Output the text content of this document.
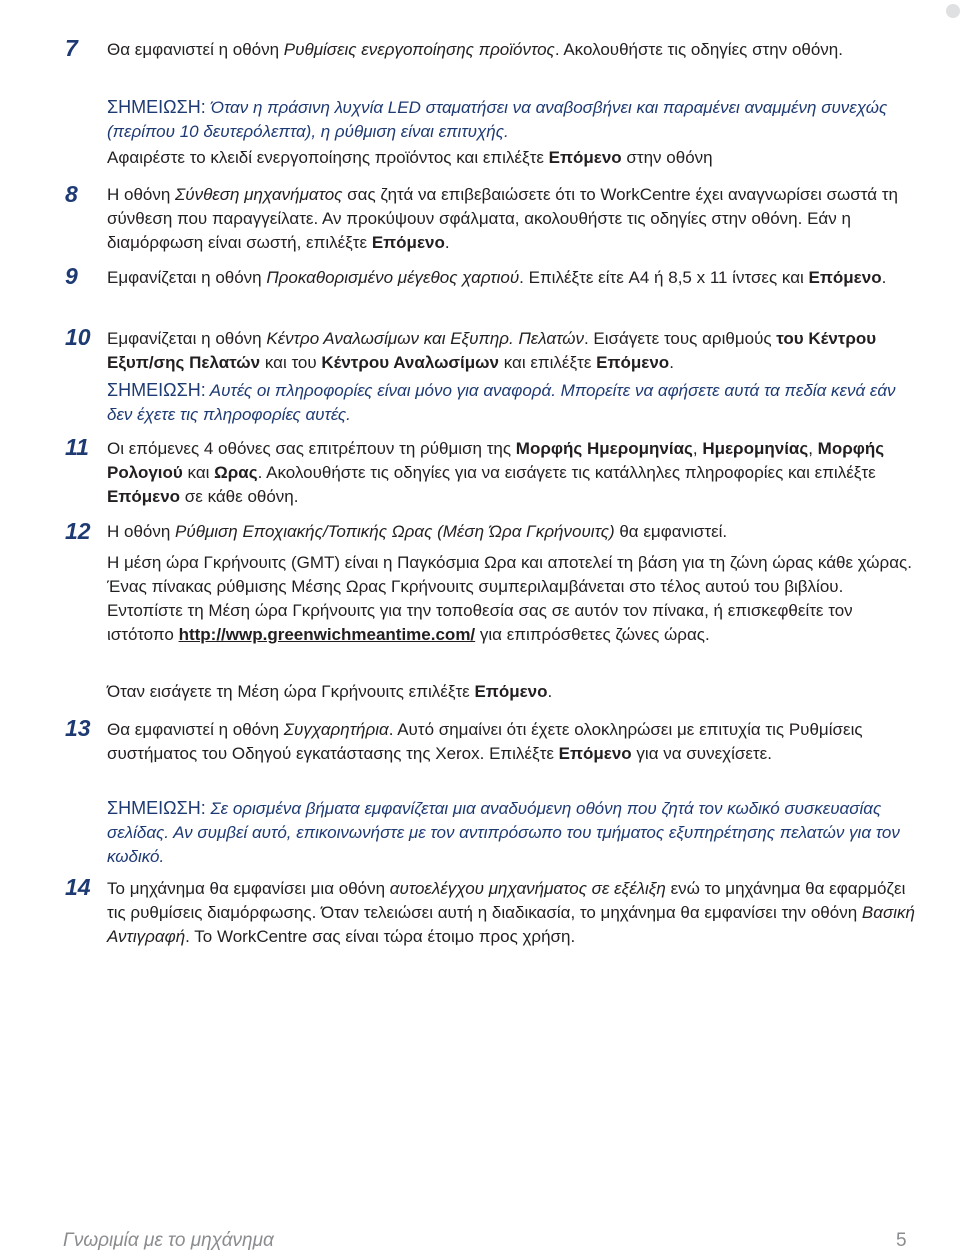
7 Θα εμφανιστεί η οθόνη Ρυθμίσεις ενεργοποίησης προϊόντος. Ακολουθήστε τις οδηγίες στην οθόνη.
ΣΗΜΕΙΩΣΗ: Όταν η πράσινη λυχνία LED σταματήσει να αναβοσβήνει και παραμένει αναμμένη συνεχώς (περίπου 10 δευτερόλεπτα), η ρύθμιση είναι επιτυχής.
Αφαιρέστε το κλειδί ενεργοποίησης προϊόντος και επιλέξτε Επόμενο στην οθόνη
8 Η οθόνη Σύνθεση μηχανήματος σας ζητά να επιβεβαιώσετε ότι το WorkCentre έχει αναγνωρίσει σωστά τη σύνθεση που παραγγείλατε. Αν προκύψουν σφάλματα, ακολουθήστε τις οδηγίες στην οθόνη. Εάν η διαμόρφωση είναι σωστή, επιλέξτε Επόμενο.
9 Εμφανίζεται η οθόνη Προκαθορισμένο μέγεθος χαρτιού. Επιλέξτε είτε A4 ή 8,5 x 11 ίντσες και Επόμενο.
10 Εμφανίζεται η οθόνη Κέντρο Αναλωσίμων και Εξυπηρ. Πελατών. Εισάγετε τους αριθμούς του Κέντρου Εξυπ/σης Πελατών και του Κέντρου Αναλωσίμων και επιλέξτε Επόμενο.
ΣΗΜΕΙΩΣΗ: Αυτές οι πληροφορίες είναι μόνο για αναφορά. Μπορείτε να αφήσετε αυτά τα πεδία κενά εάν δεν έχετε τις πληροφορίες αυτές.
11 Οι επόμενες 4 οθόνες σας επιτρέπουν τη ρύθμιση της Μορφής Ημερομηνίας, Ημερομηνίας, Μορφής Ρολογιού και Ωρας. Ακολουθήστε τις οδηγίες για να εισάγετε τις κατάλληλες πληροφορίες και επιλέξτε Επόμενο σε κάθε οθόνη.
12 Η οθόνη Ρύθμιση Εποχιακής/Τοπικής Ωρας (Μέση Ώρα Γκρήνουιτς) θα εμφανιστεί.
Η μέση ώρα Γκρήνουιτς (GMT) είναι η Παγκόσμια Ωρα και αποτελεί τη βάση για τη ζώνη ώρας κάθε χώρας. Ένας πίνακας ρύθμισης Μέσης Ωρας Γκρήνουιτς συμπεριλαμβάνεται στο τέλος αυτού του βιβλίου. Εντοπίστε τη Μέση ώρα Γκρήνουιτς για την τοποθεσία σας σε αυτόν τον πίνακα, ή επισκεφθείτε τον ιστότοπο http://wwp.greenwichmeantime.com/ για επιπρόσθετες ζώνες ώρας.
Όταν εισάγετε τη Μέση ώρα Γκρήνουιτς επιλέξτε Επόμενο.
13 Θα εμφανιστεί η οθόνη Συγχαρητήρια. Αυτό σημαίνει ότι έχετε ολοκληρώσει με επιτυχία τις Ρυθμίσεις συστήματος του Οδηγού εγκατάστασης της Xerox. Επιλέξτε Επόμενο για να συνεχίσετε.
ΣΗΜΕΙΩΣΗ: Σε ορισμένα βήματα εμφανίζεται μια αναδυόμενη οθόνη που ζητά τον κωδικό συσκευασίας σελίδας. Αν συμβεί αυτό, επικοινωνήστε με τον αντιπρόσωπο του τμήματος εξυπηρέτησης πελατών για τον κωδικό.
14 Το μηχάνημα θα εμφανίσει μια οθόνη αυτοελέγχου μηχανήματος σε εξέλιξη ενώ το μηχάνημα θα εφαρμόζει τις ρυθμίσεις διαμόρφωσης. Όταν τελειώσει αυτή η διαδικασία, το μηχάνημα θα εμφανίσει την οθόνη Βασική Αντιγραφή. Το WorkCentre σας είναι τώρα έτοιμο προς χρήση.
Γνωριμία με το μηχάνημα	5
